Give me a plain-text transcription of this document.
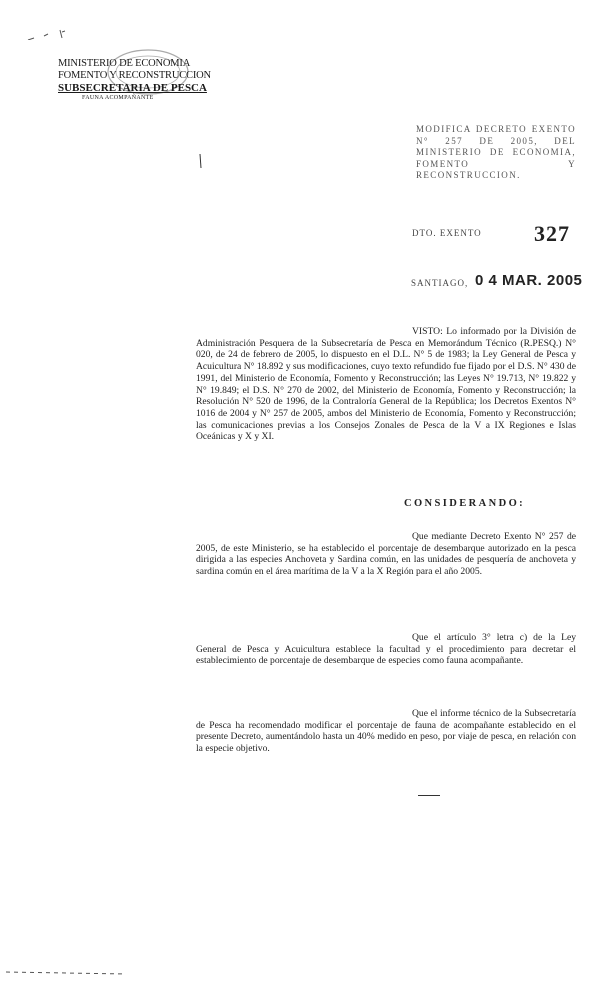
MINISTERIO DE ECONOMIA
FOMENTO Y RECONSTRUCCION
SUBSECRETARIA DE PESCA
FAUNA ACOMPAÑANTE
MODIFICA DECRETO EXENTO N° 257 DE 2005, DEL MINISTERIO DE ECONOMIA, FOMENTO Y RECONSTRUCCION.
DTO. EXENTO 327
SANTIAGO, 0 4 MAR. 2005
VISTO: Lo informado por la División de Administración Pesquera de la Subsecretaría de Pesca en Memorándum Técnico (R.PESQ.) N° 020, de 24 de febrero de 2005, lo dispuesto en el D.L. N° 5 de 1983; la Ley General de Pesca y Acuicultura N° 18.892 y sus modificaciones, cuyo texto refundido fue fijado por el D.S. N° 430 de 1991, del Ministerio de Economía, Fomento y Reconstrucción; las Leyes N° 19.713, N° 19.822 y N° 19.849; el D.S. N° 270 de 2002, del Ministerio de Economía, Fomento y Reconstrucción; la Resolución N° 520 de 1996, de la Contraloría General de la República; los Decretos Exentos N° 1016 de 2004 y N° 257 de 2005, ambos del Ministerio de Economía, Fomento y Reconstrucción; las comunicaciones previas a los Consejos Zonales de Pesca de la V a IX Regiones e Islas Oceánicas y X y XI.
CONSIDERANDO:
Que mediante Decreto Exento N° 257 de 2005, de este Ministerio, se ha establecido el porcentaje de desembarque autorizado en la pesca dirigida a las especies Anchoveta y Sardina común, en las unidades de pesquería de anchoveta y sardina común en el área marítima de la V a la X Región para el año 2005.
Que el artículo 3° letra c) de la Ley General de Pesca y Acuicultura establece la facultad y el procedimiento para decretar el establecimiento de porcentaje de desembarque de especies como fauna acompañante.
Que el informe técnico de la Subsecretaría de Pesca ha recomendado modificar el porcentaje de fauna de acompañante establecido en el presente Decreto, aumentándolo hasta un 40% medido en peso, por viaje de pesca, en relación con la especie objetivo.
